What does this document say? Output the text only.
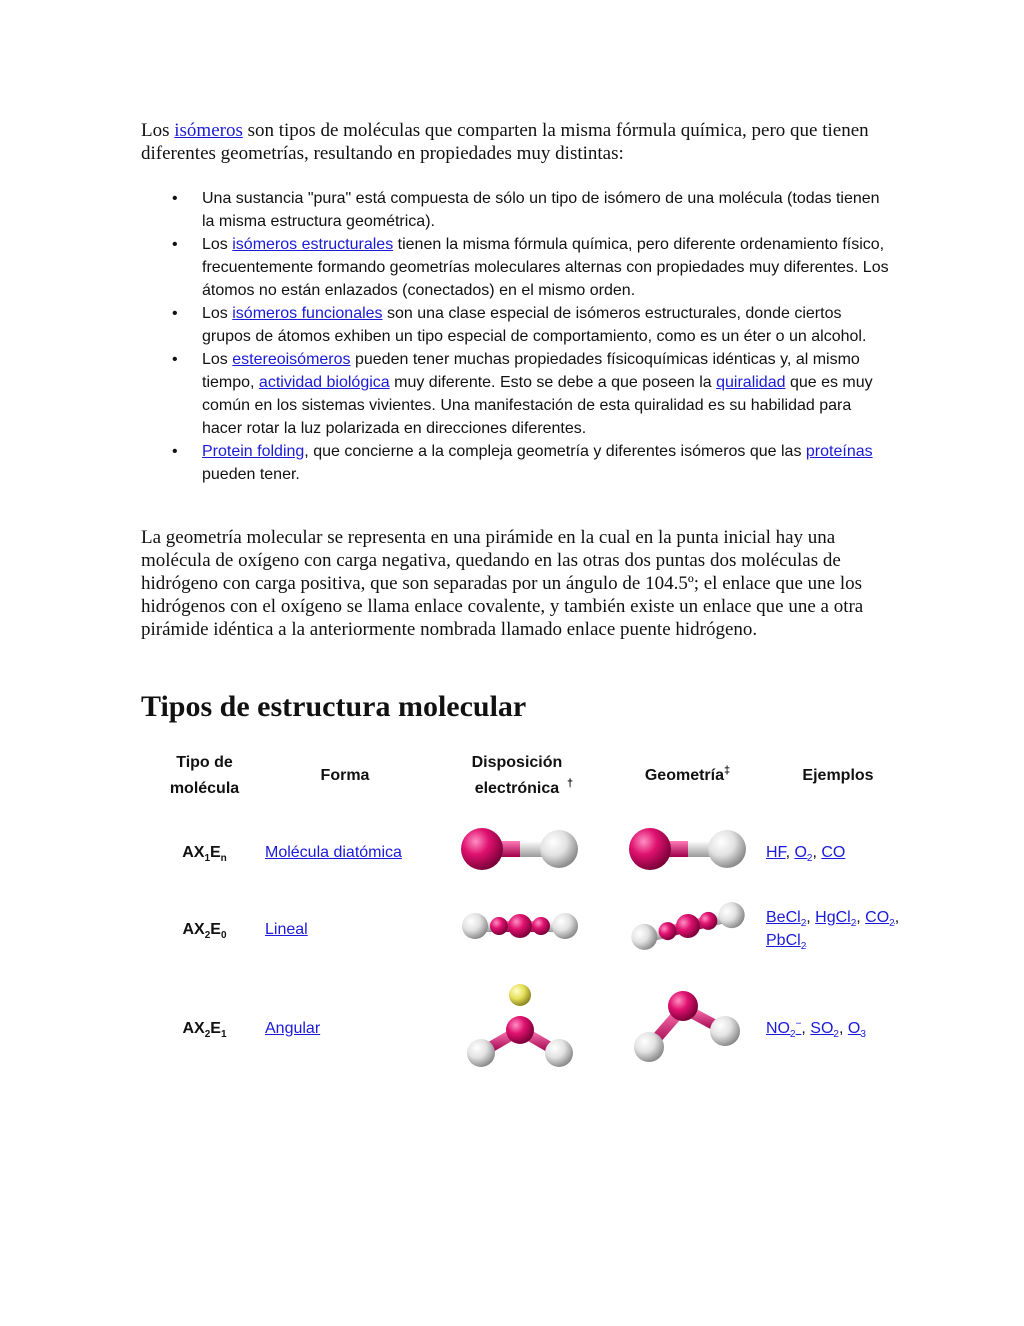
Los isómeros son tipos de moléculas que comparten la misma fórmula química, pero que tienen diferentes geometrías, resultando en propiedades muy distintas:

• Una sustancia "pura" está compuesta de sólo un tipo de isómero de una molécula (todas tienen la misma estructura geométrica).
• Los isómeros estructurales tienen la misma fórmula química, pero diferente ordenamiento físico, frecuentemente formando geometrías moleculares alternas con propiedades muy diferentes. Los átomos no están enlazados (conectados) en el mismo orden.
• Los isómeros funcionales son una clase especial de isómeros estructurales, donde ciertos grupos de átomos exhiben un tipo especial de comportamiento, como es un éter o un alcohol.
• Los estereoisómeros pueden tener muchas propiedades físicoquímicas idénticas y, al mismo tiempo, actividad biológica muy diferente. Esto se debe a que poseen la quiralidad que es muy común en los sistemas vivientes. Una manifestación de esta quiralidad es su habilidad para hacer rotar la luz polarizada en direcciones diferentes.
• Protein folding, que concierne a la compleja geometría y diferentes isómeros que las proteínas pueden tener.

La geometría molecular se representa en una pirámide en la cual en la punta inicial hay una molécula de oxígeno con carga negativa, quedando en las otras dos puntas dos moléculas de hidrógeno con carga positiva, que son separadas por un ángulo de 104.5º; el enlace que une los hidrógenos con el oxígeno se llama enlace covalente, y también existe un enlace que une a otra pirámide idéntica a la anteriormente nombrada llamado enlace puente hidrógeno.

Tipos de estructura molecular
Tipo de molécula	Forma	Disposición electrónica †	Geometría‡	Ejemplos
$AX_1E_n$	Molécula diatómica			HF, $O_2$, CO
$AX_2E_0$	Lineal			BeCl$_2$, HgCl$_2$, $CO_2$, PbCl$_2$
$AX_2E_1$	Angular			$NO_2^-$, $SO_2$, $O_3$
